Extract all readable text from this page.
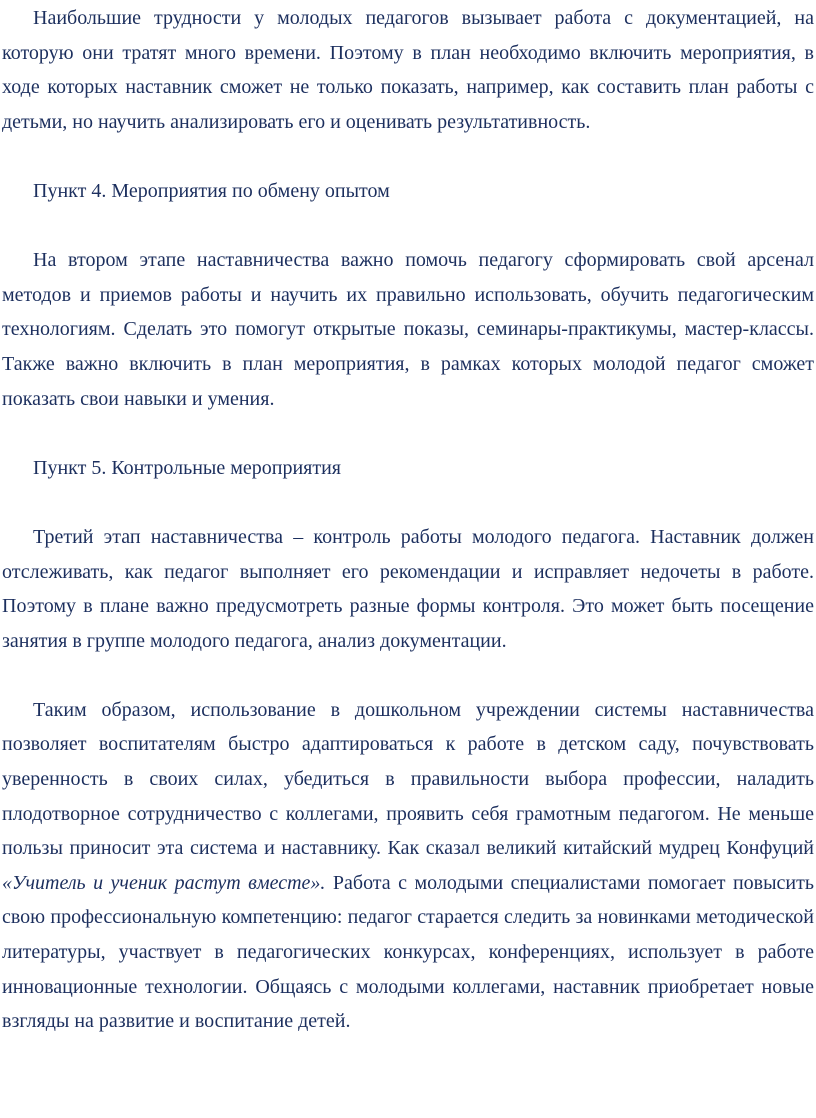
Наибольшие трудности у молодых педагогов вызывает работа с документацией, на которую они тратят много времени. Поэтому в план необходимо включить мероприятия, в ходе которых наставник сможет не только показать, например, как составить план работы с детьми, но научить анализировать его и оценивать результативность.

Пункт 4. Мероприятия по обмену опытом

На втором этапе наставничества важно помочь педагогу сформировать свой арсенал методов и приемов работы и научить их правильно использовать, обучить педагогическим технологиям. Сделать это помогут открытые показы, семинары-практикумы, мастер-классы. Также важно включить в план мероприятия, в рамках которых молодой педагог сможет показать свои навыки и умения.

Пункт 5. Контрольные мероприятия

Третий этап наставничества – контроль работы молодого педагога. Наставник должен отслеживать, как педагог выполняет его рекомендации и исправляет недочеты в работе. Поэтому в плане важно предусмотреть разные формы контроля. Это может быть посещение занятия в группе молодого педагога, анализ документации.

Таким образом, использование в дошкольном учреждении системы наставничества позволяет воспитателям быстро адаптироваться к работе в детском саду, почувствовать уверенность в своих силах, убедиться в правильности выбора профессии, наладить плодотворное сотрудничество с коллегами, проявить себя грамотным педагогом. Не меньше пользы приносит эта система и наставнику. Как сказал великий китайский мудрец Конфуций «Учитель и ученик растут вместе». Работа с молодыми специалистами помогает повысить свою профессиональную компетенцию: педагог старается следить за новинками методической литературы, участвует в педагогических конкурсах, конференциях, использует в работе инновационные технологии. Общаясь с молодыми коллегами, наставник приобретает новые взгляды на развитие и воспитание детей.
